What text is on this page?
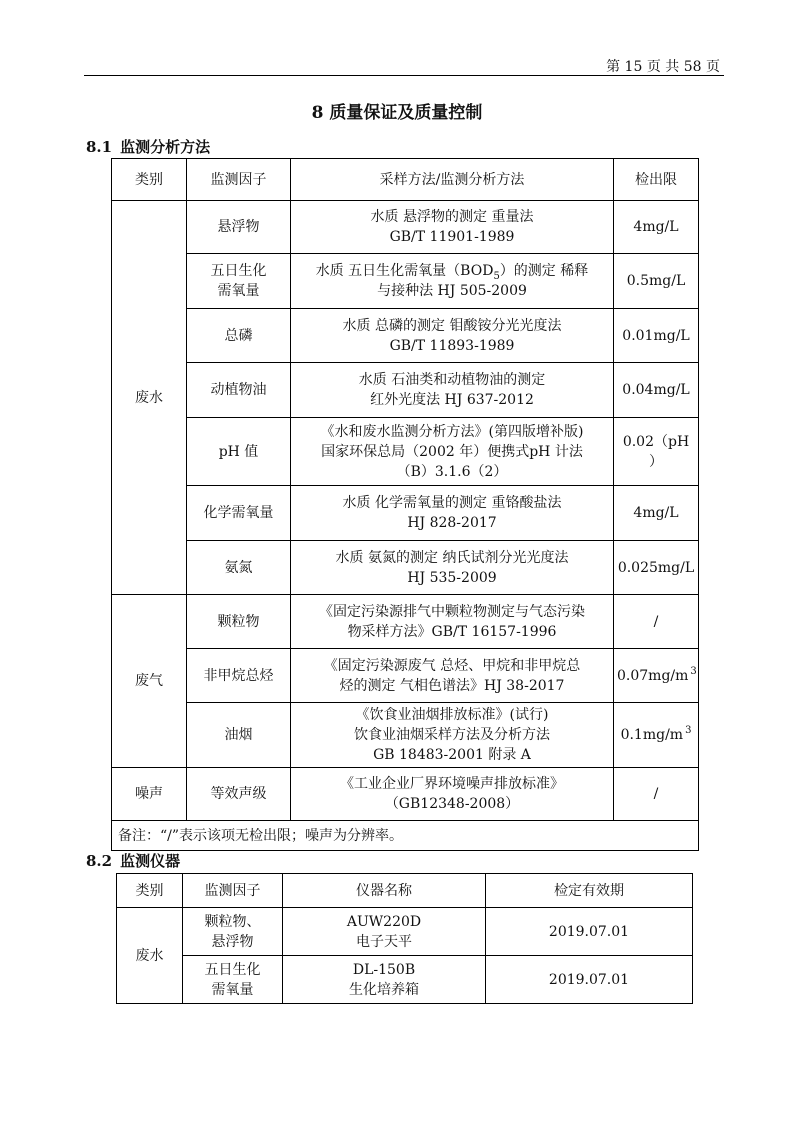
第 15 页 共 58 页
8 质量保证及质量控制
8.1 监测分析方法
类别	监测因子	采样方法/监测分析方法	检出限
废水	悬浮物	水质 悬浮物的测定 重量法
GB/T 11901-1989	4mg/L

	五日生化
需氧量	水质 五日生化需氧量$(BOD_5)$的测定 稀释
与接种法 HJ 505-2009	0.5mg/L
	总磷	水质 总磷的测定 钼酸铵分光光度法
GB/T 11893-1989	0.01mg/L
	动植物油	水质 石油类和动植物油的测定
红外光度法 HJ 637-2012	0.04mg/L
	pH 值	《水和废水监测分析方法》(第四版增补版)
国家环保总局（2002 年）便携式pH 计法
（B）3.1.6（2）	0.02（pH
）

	化学需氧量	水质 化学需氧量的测定 重铬酸盐法
HJ 828-2017	4mg/L
	氨氮	水质 氨氮的测定 纳氏试剂分光光度法
HJ 535-2009	0.025mg/L
废气	颗粒物	《固定污染源排气中颗粒物测定与气态污染
物采样方法》GB/T 16157-1996	/
	非甲烷总烃	《固定污染源废气 总烃、甲烷和非甲烷总
烃的测定 气相色谱法》HJ 38-2017	0.07mg/m $^3$
	油烟	《饮食业油烟排放标准》(试行)
饮食业油烟采样方法及分析方法
GB 18483-2001 附录 A	0.1mg/m $^3$
噪声	等效声级	《工业企业厂界环境噪声排放标准》
（GB12348-2008）	/
备注：“/”表示该项无检出限；噪声为分辨率。			
8.2 监测仪器
类别	监测因子	仪器名称	检定有效期
废水	颗粒物、
悬浮物	AUW220D
电子天平	2019.07.01

	五日生化
需氧量	DL-150B
生化培养箱	2019.07.01
